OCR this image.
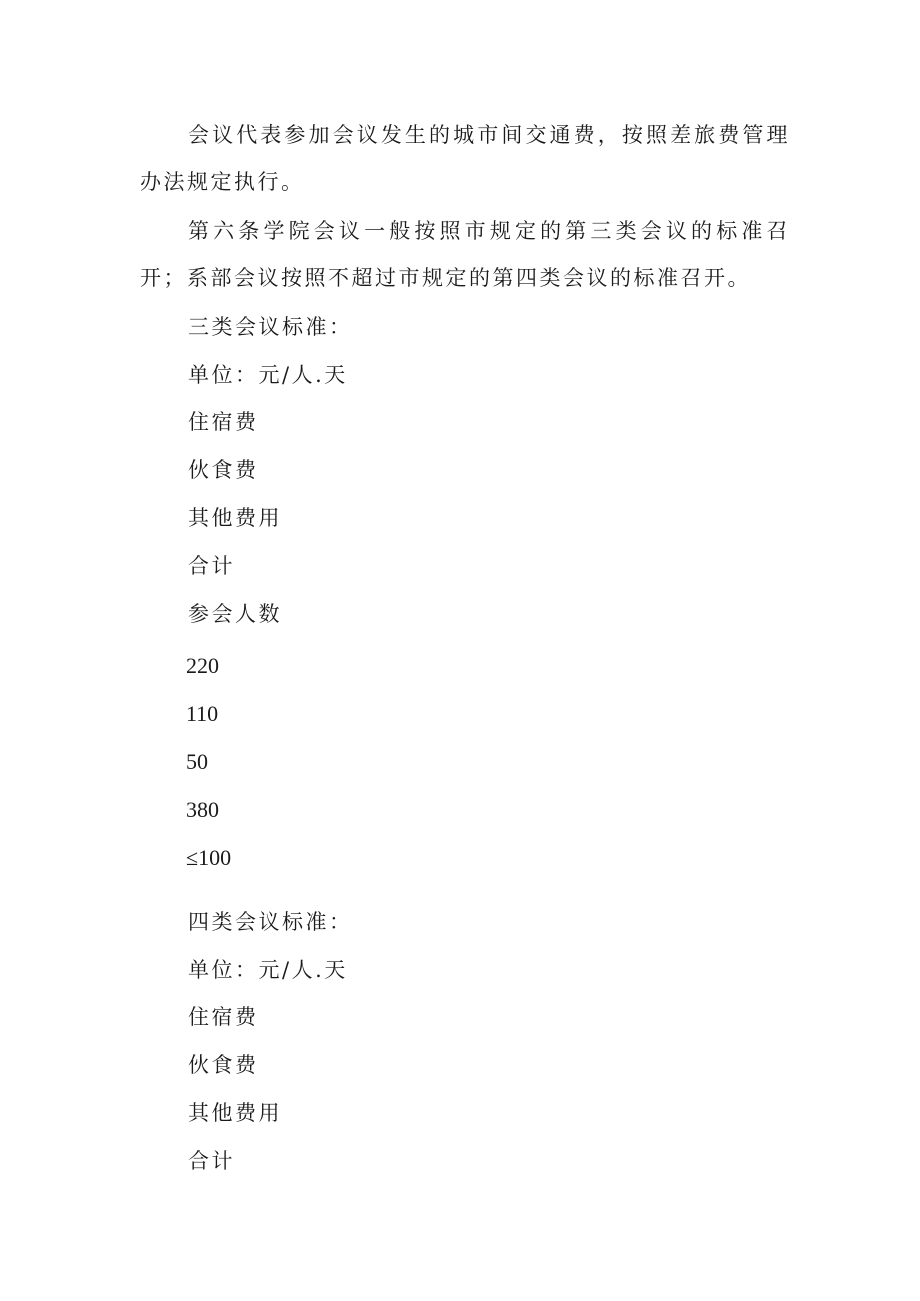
会议代表参加会议发生的城市间交通费，按照差旅费管理办法规定执行。

第六条学院会议一般按照市规定的第三类会议的标准召开；系部会议按照不超过市规定的第四类会议的标准召开。

三类会议标准：

单位：元/人.天

住宿费

伙食费

其他费用

合计

参会人数

220

110

50

380

≤100

四类会议标准：

单位：元/人.天

住宿费

伙食费

其他费用

合计
